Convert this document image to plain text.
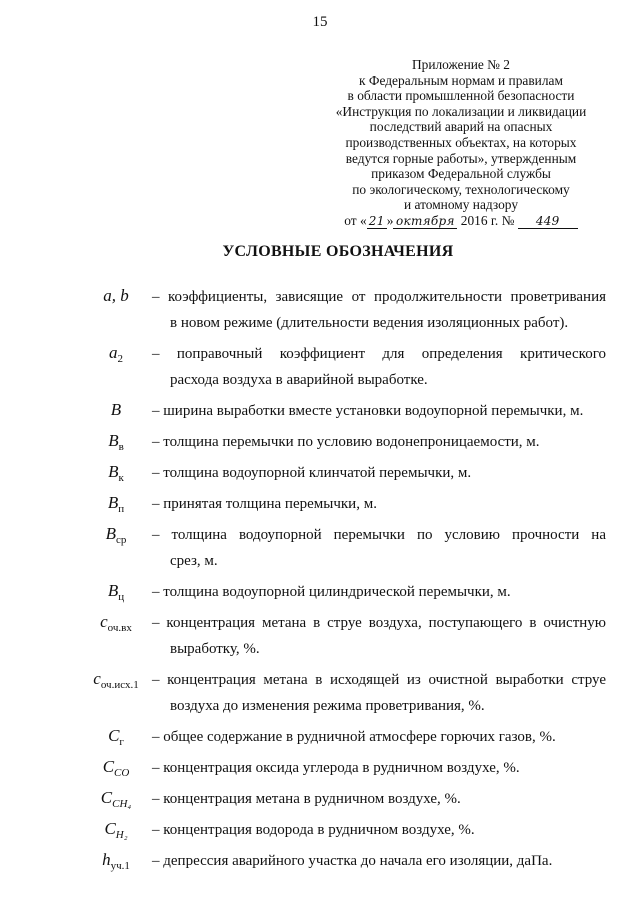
15
Приложение № 2
к Федеральным нормам и правилам
в области промышленной безопасности
«Инструкция по локализации и ликвидации
последствий аварий на опасных
производственных объектах, на которых
ведутся горные работы», утвержденным
приказом Федеральной службы
по экологическому, технологическому
и атомному надзору
от « 21 » октября 2016 г. № 449
УСЛОВНЫЕ ОБОЗНАЧЕНИЯ
a, b	– коэффициенты, зависящие от продолжительности проветривания
в новом режиме (длительности ведения изоляционных работ).
$a_2$	– поправочный коэффициент для определения критического
расхода воздуха в аварийной выработке.
B	– ширина выработки вместе установки водоупорной перемычки, м.
$B_в$	– толщина перемычки по условию водонепроницаемости, м.
$B_к$	– толщина водоупорной клинчатой перемычки, м.
$B_п$	– принятая толщина перемычки, м.
$B_{ср}$	– толщина водоупорной перемычки по условию прочности на
срез, м.
$B_ц$	– толщина водоупорной цилиндрической перемычки, м.
$c_{оч.вх}$	– концентрация метана в струе воздуха, поступающего в очистную
выработку, %.
$c_{оч.исх.1}$ – концентрация метана в исходящей из очистной выработки струе
воздуха до изменения режима проветривания, %.
$C_г$	– общее содержание в рудничной атмосфере горючих газов, %.
$C_{CO}$	– концентрация оксида углерода в рудничном воздухе, %.
$C_{CH_4}$	– концентрация метана в рудничном воздухе, %.
$C_{H_2}$	– концентрация водорода в рудничном воздухе, %.
$h_{уч.1}$	– депрессия аварийного участка до начала его изоляции, даПа.
